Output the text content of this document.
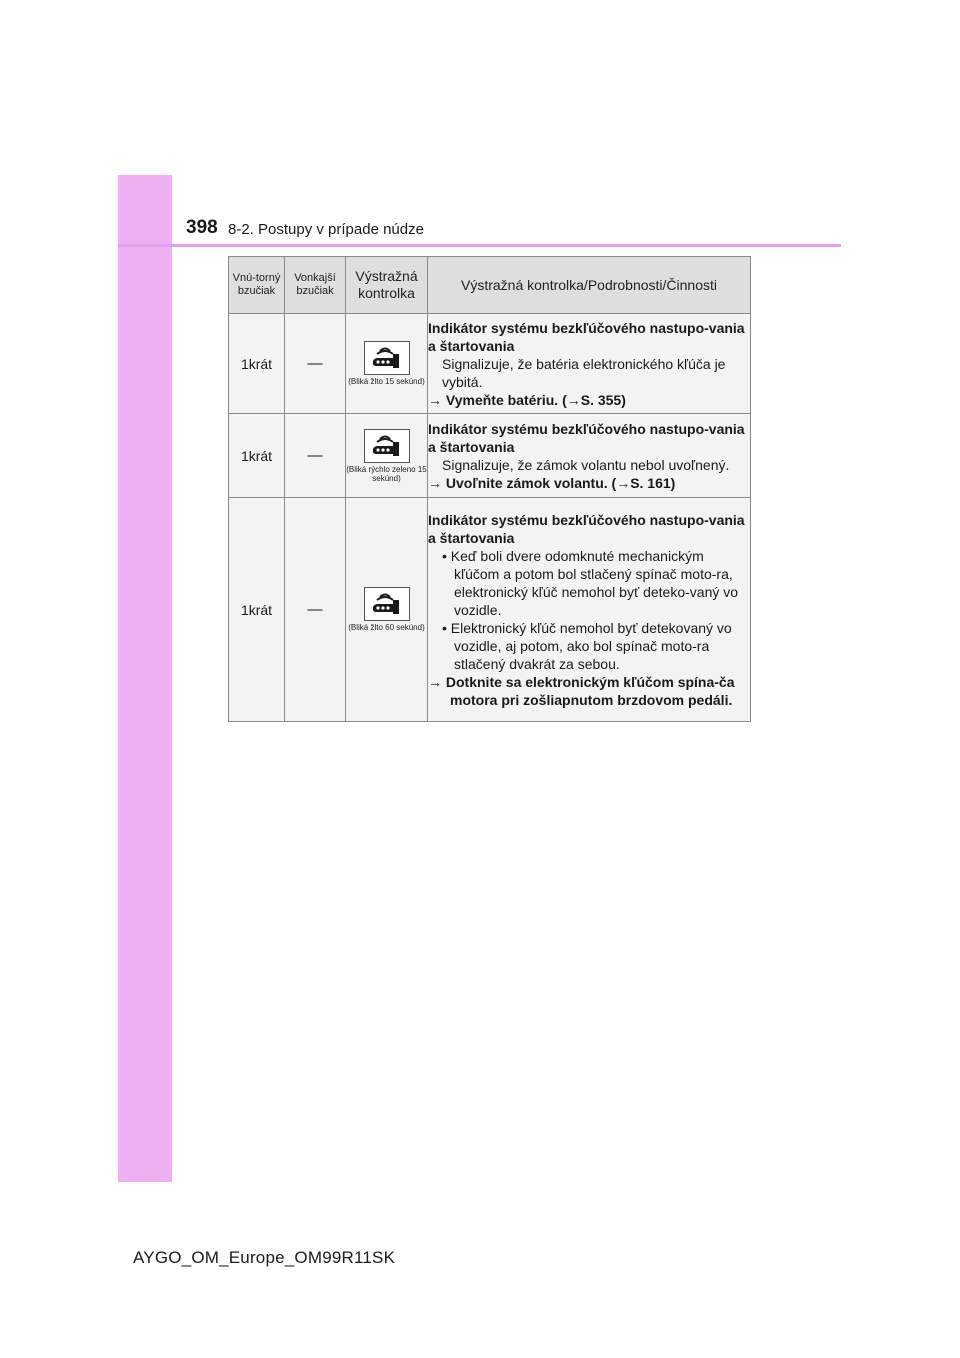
398 8-2. Postupy v prípade núdze
Vnú-torný bzučiak	Vonkajší bzučiak	Výstražná kontrolka	Výstražná kontrolka/Podrobnosti/Činnosti
1krát	—	(Bliká žlto 15 sekúnd)	Indikátor systému bezkľúčového nastupo-vania a štartovania
Signalizuje, že batéria elektronického kľúča je vybitá.
→ Vymeňte batériu. (→S. 355)

1krát	—	(Bliká rýchlo zeleno 15 sekúnd)	Indikátor systému bezkľúčového nastupo-vania a štartovania
Signalizuje, že zámok volantu nebol uvoľnený.
→ Uvoľnite zámok volantu. (→S. 161)

1krát	—	(Bliká žlto 60 sekúnd)	Indikátor systému bezkľúčového nastupo-vania a štartovania
• Keď boli dvere odomknuté mechanickým kľúčom a potom bol stlačený spínač moto-ra, elektronický kľúč nemohol byť deteko-vaný vo vozidle.
• Elektronický kľúč nemohol byť detekovaný vo vozidle, aj potom, ako bol spínač moto-ra stlačený dvakrát za sebou.
→ Dotknite sa elektronickým kľúčom spína-ča motora pri zošliapnutom brzdovom pedáli.
AYGO_OM_Europe_OM99R11SK
